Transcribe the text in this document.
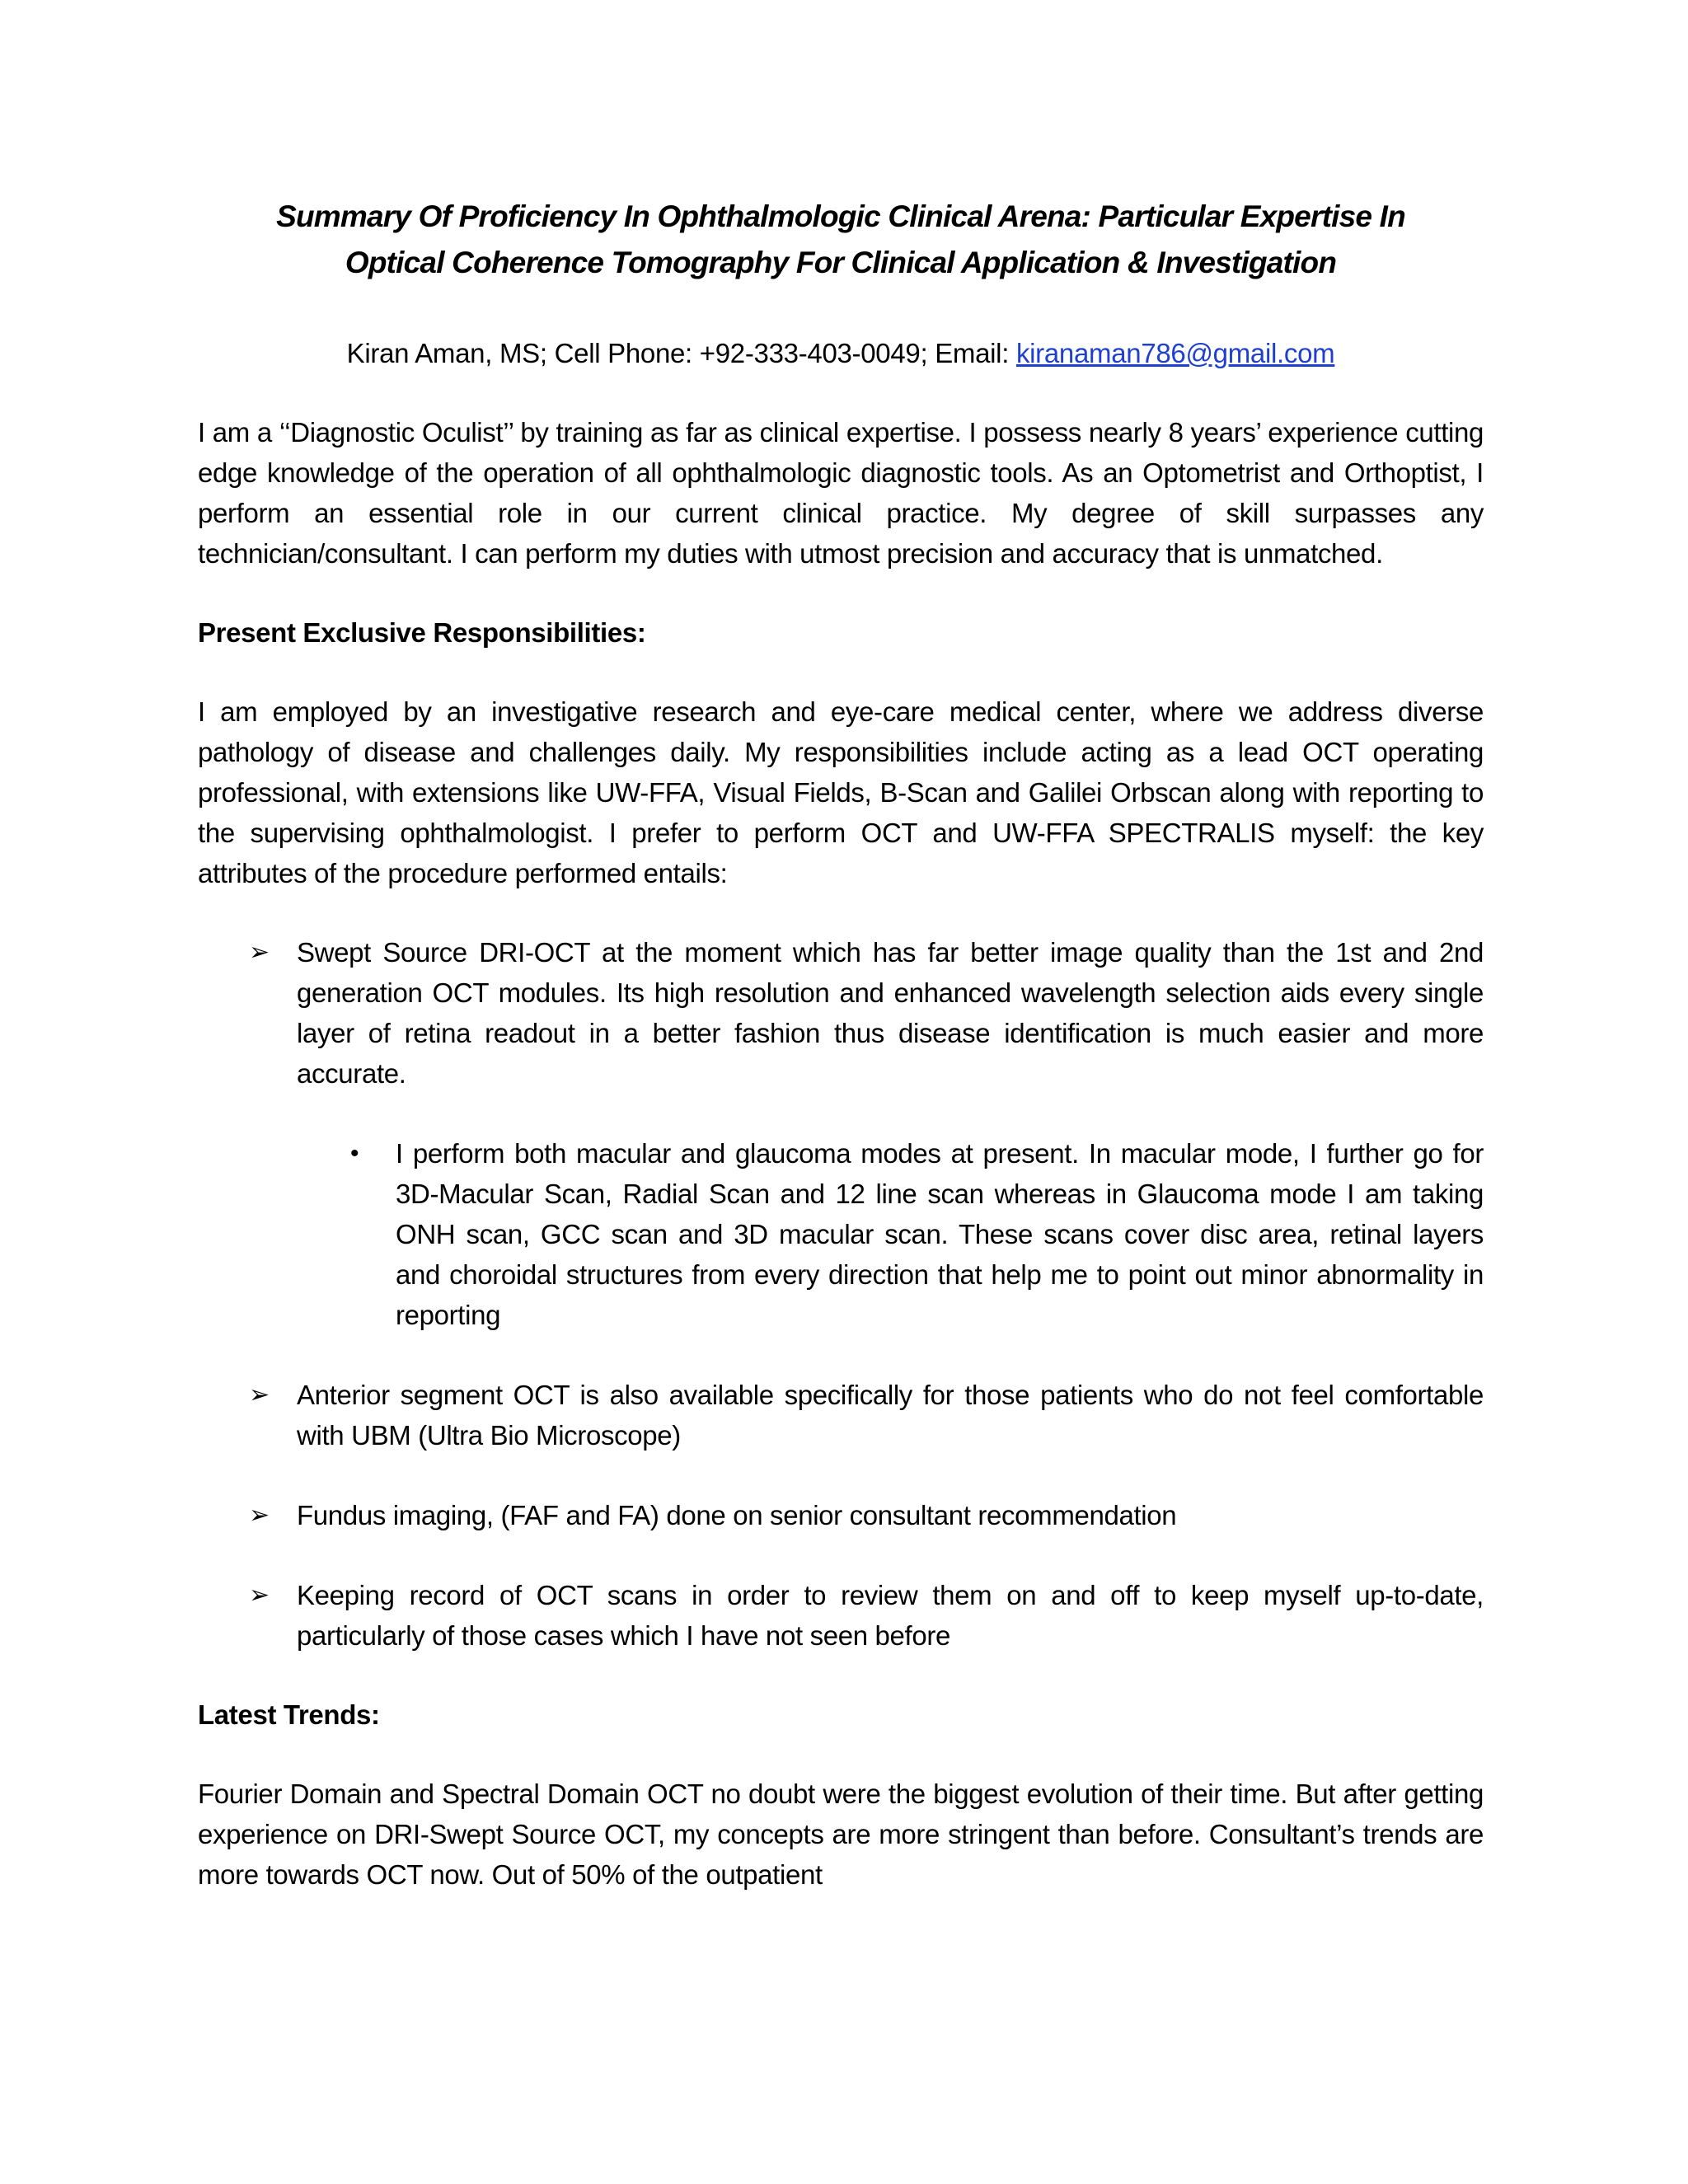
Summary Of Proficiency In Ophthalmologic Clinical Arena: Particular Expertise In
Optical Coherence Tomography For Clinical Application & Investigation
Kiran Aman, MS; Cell Phone: +92-333-403-0049; Email: kiranaman786@gmail.com

I am a ‘‘Diagnostic Oculist’’ by training as far as clinical expertise. I possess nearly 8 years’ experience cutting edge knowledge of the operation of all ophthalmologic diagnostic tools. As an Optometrist and Orthoptist, I perform an essential role in our current clinical practice. My degree of skill surpasses any technician/consultant. I can perform my duties with utmost precision and accuracy that is unmatched.

Present Exclusive Responsibilities:

I am employed by an investigative research and eye-care medical center, where we address diverse pathology of disease and challenges daily. My responsibilities include acting as a lead OCT operating professional, with extensions like UW-FFA, Visual Fields, B-Scan and Galilei Orbscan along with reporting to the supervising ophthalmologist. I prefer to perform OCT and UW-FFA SPECTRALIS myself: the key attributes of the procedure performed entails:

➢ Swept Source DRI-OCT at the moment which has far better image quality than the 1st and 2nd generation OCT modules. Its high resolution and enhanced wavelength selection aids every single layer of retina readout in a better fashion thus disease identification is much easier and more accurate.

• I perform both macular and glaucoma modes at present. In macular mode, I further go for 3D-Macular Scan, Radial Scan and 12 line scan whereas in Glaucoma mode I am taking ONH scan, GCC scan and 3D macular scan. These scans cover disc area, retinal layers and choroidal structures from every direction that help me to point out minor abnormality in reporting

➢ Anterior segment OCT is also available specifically for those patients who do not feel comfortable with UBM (Ultra Bio Microscope)

➢ Fundus imaging, (FAF and FA) done on senior consultant recommendation

➢ Keeping record of OCT scans in order to review them on and off to keep myself up-to-date, particularly of those cases which I have not seen before

Latest Trends:

Fourier Domain and Spectral Domain OCT no doubt were the biggest evolution of their time. But after getting experience on DRI-Swept Source OCT, my concepts are more stringent than before. Consultant’s trends are more towards OCT now. Out of 50% of the outpatient
